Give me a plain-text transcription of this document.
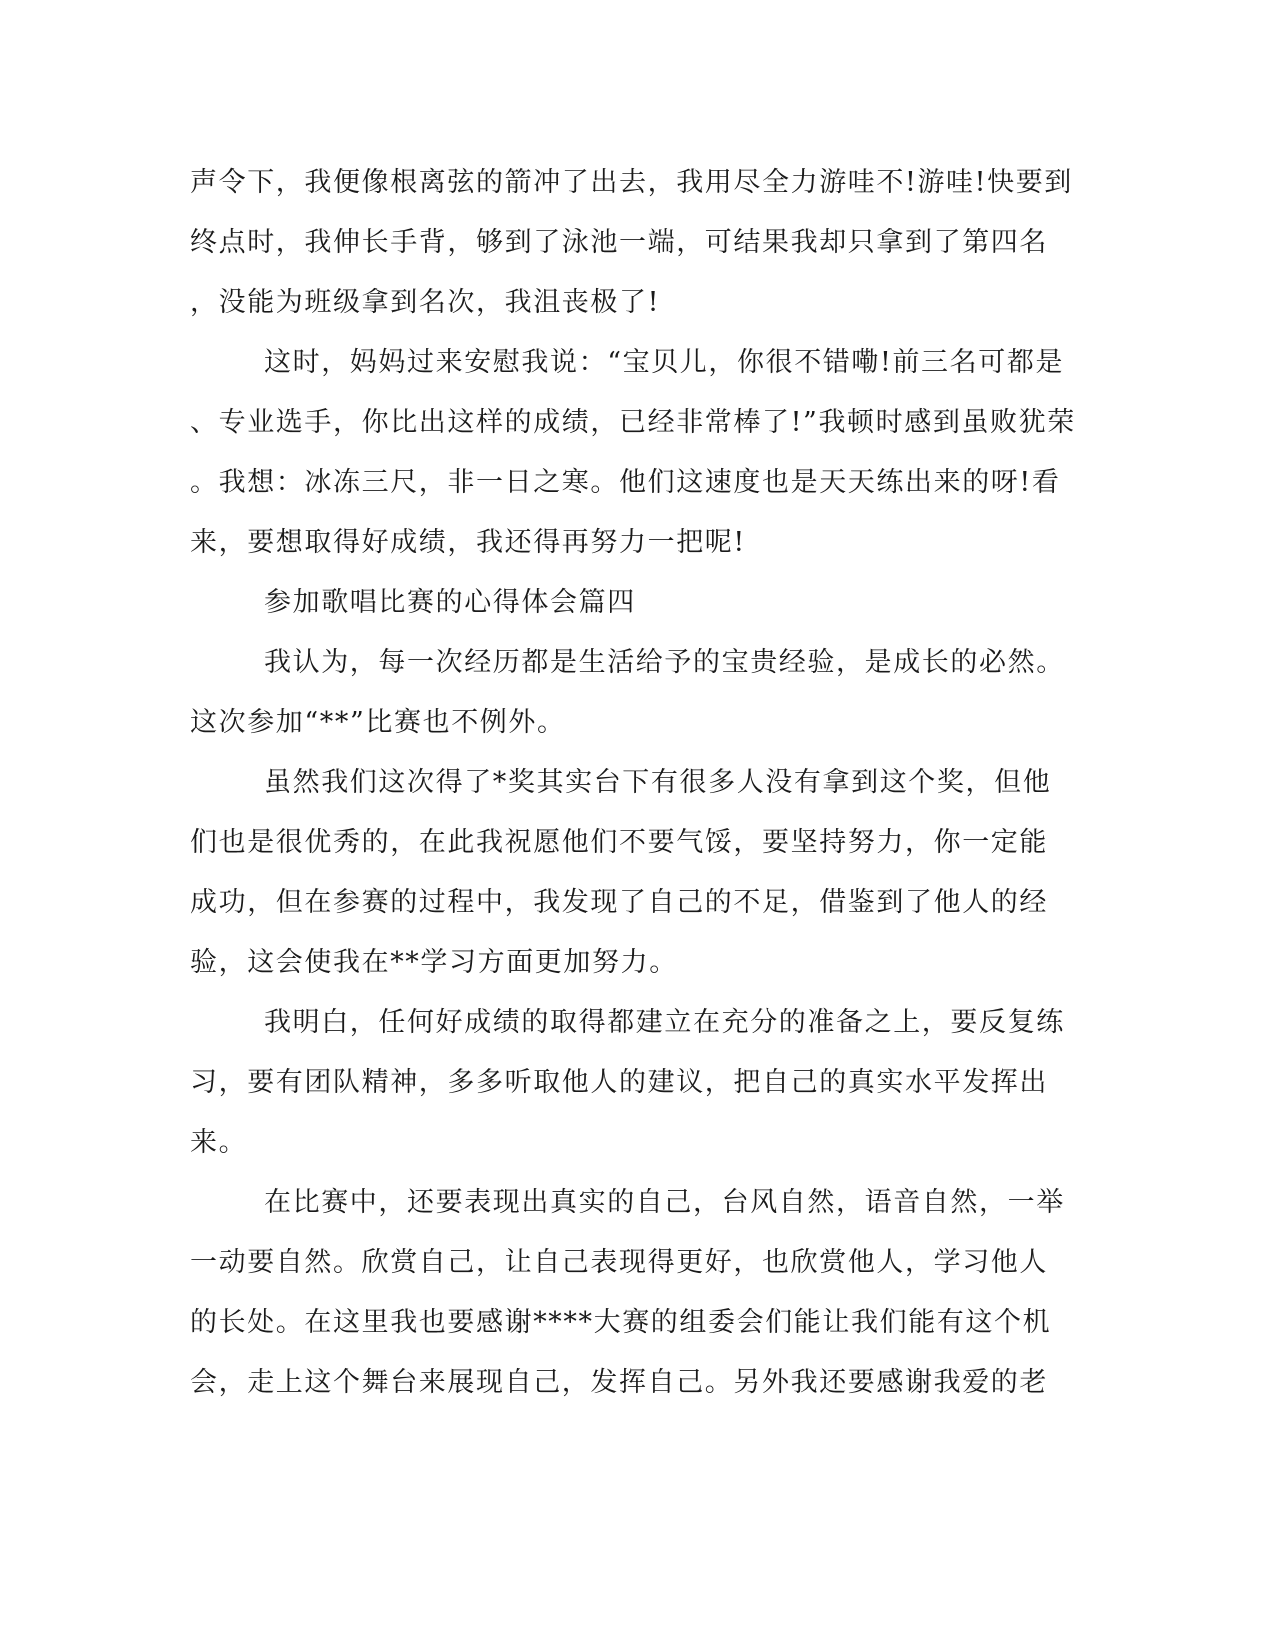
声令下，我便像根离弦的箭冲了出去，我用尽全力游哇不!游哇!快要到
终点时，我伸长手背，够到了泳池一端，可结果我却只拿到了第四名
，没能为班级拿到名次，我沮丧极了!
这时，妈妈过来安慰我说：“宝贝儿，你很不错嘞!前三名可都是
、专业选手，你比出这样的成绩，已经非常棒了!”我顿时感到虽败犹荣
。我想：冰冻三尺，非一日之寒。他们这速度也是天天练出来的呀!看
来，要想取得好成绩，我还得再努力一把呢!
参加歌唱比赛的心得体会篇四
我认为，每一次经历都是生活给予的宝贵经验，是成长的必然。
这次参加“**”比赛也不例外。
虽然我们这次得了*奖其实台下有很多人没有拿到这个奖，但他
们也是很优秀的，在此我祝愿他们不要气馁，要坚持努力，你一定能
成功，但在参赛的过程中，我发现了自己的不足，借鉴到了他人的经
验，这会使我在**学习方面更加努力。
我明白，任何好成绩的取得都建立在充分的准备之上，要反复练
习，要有团队精神，多多听取他人的建议，把自己的真实水平发挥出
来。
在比赛中，还要表现出真实的自己，台风自然，语音自然，一举
一动要自然。欣赏自己，让自己表现得更好，也欣赏他人，学习他人
的长处。在这里我也要感谢****大赛的组委会们能让我们能有这个机
会，走上这个舞台来展现自己，发挥自己。另外我还要感谢我爱的老
